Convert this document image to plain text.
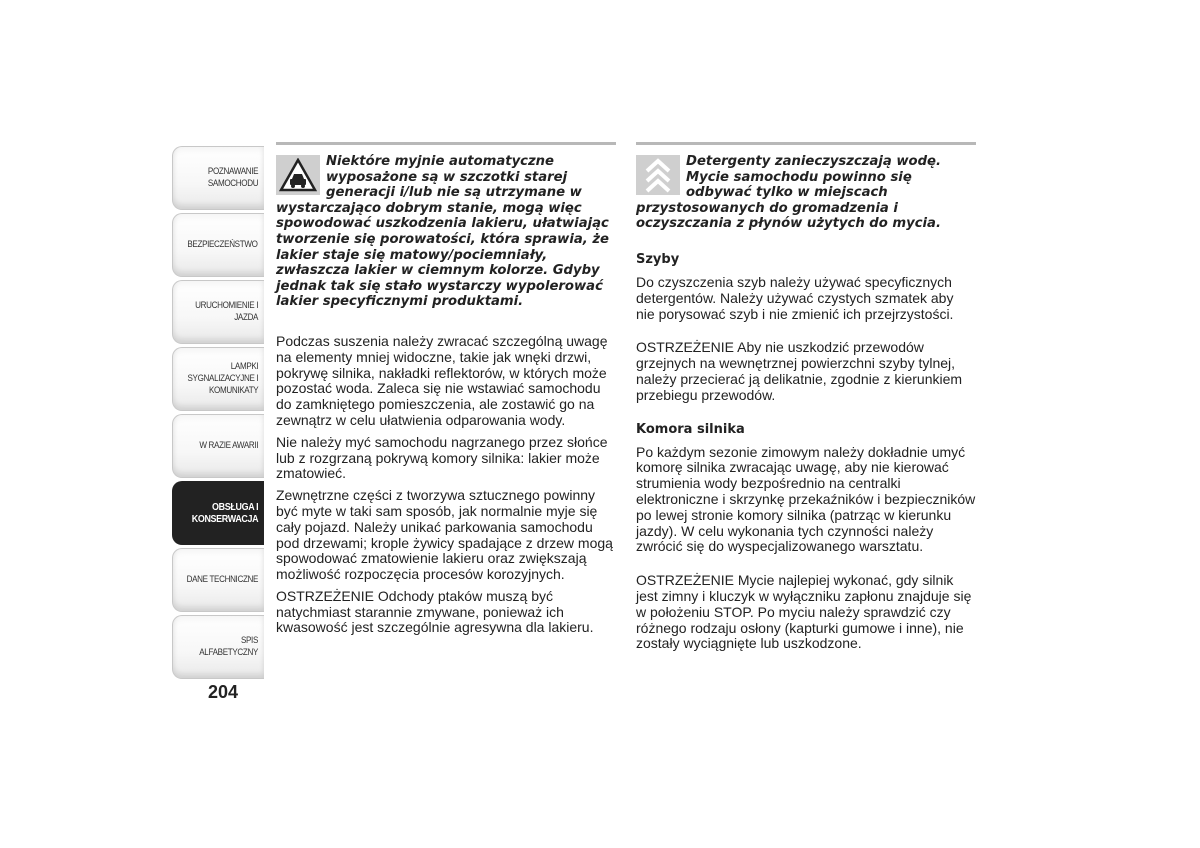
POZNAWANIE
SAMOCHODU
BEZPIECZEŃSTWO
URUCHOMIENIE I
JAZDA
LAMPKI
SYGNALIZACYJNE I
KOMUNIKATY
W RAZIE AWARII
OBSŁUGA I
KONSERWACJA
DANE TECHNICZNE
SPIS ALFABETYCZNY
204
Niektóre myjnie automatyczne wyposażone są w szczotki starej generacji i/lub nie są utrzymane w wystarczająco dobrym stanie, mogą więc spowodować uszkodzenia lakieru, ułatwiając tworzenie się porowatości, która sprawia, że lakier staje się matowy/pociemniały, zwłaszcza lakier w ciemnym kolorze. Gdyby jednak tak się stało wystarczy wypolerować lakier specyficznymi produktami.

Podczas suszenia należy zwracać szczególną uwagę na elementy mniej widoczne, takie jak wnęki drzwi, pokrywę silnika, nakładki reflektorów, w których może pozostać woda. Zaleca się nie wstawiać samochodu do zamkniętego pomieszczenia, ale zostawić go na zewnątrz w celu ułatwienia odparowania wody.

Nie należy myć samochodu nagrzanego przez słońce lub z rozgrzaną pokrywą komory silnika: lakier może zmatowieć.

Zewnętrzne części z tworzywa sztucznego powinny być myte w taki sam sposób, jak normalnie myje się cały pojazd. Należy unikać parkowania samochodu pod drzewami; krople żywicy spadające z drzew mogą spowodować zmatowienie lakieru oraz zwiększają możliwość rozpoczęcia procesów korozyjnych.

OSTRZEŻENIE Odchody ptaków muszą być natychmiast starannie zmywane, ponieważ ich kwasowość jest szczególnie agresywna dla lakieru.

Detergenty zanieczyszczają wodę. Mycie samochodu powinno się odbywać tylko w miejscach przystosowanych do gromadzenia i oczyszczania z płynów użytych do mycia.
Szyby

Do czyszczenia szyb należy używać specyficznych detergentów. Należy używać czystych szmatek aby nie porysować szyb i nie zmienić ich przejrzystości.

OSTRZEŻENIE Aby nie uszkodzić przewodów grzejnych na wewnętrznej powierzchni szyby tylnej, należy przecierać ją delikatnie, zgodnie z kierunkiem przebiegu przewodów.

Komora silnika

Po każdym sezonie zimowym należy dokładnie umyć komorę silnika zwracając uwagę, aby nie kierować strumienia wody bezpośrednio na centralki elektroniczne i skrzynkę przekaźników i bezpieczników po lewej stronie komory silnika (patrząc w kierunku jazdy). W celu wykonania tych czynności należy zwrócić się do wyspecjalizowanego warsztatu.

OSTRZEŻENIE Mycie najlepiej wykonać, gdy silnik jest zimny i kluczyk w wyłączniku zapłonu znajduje się w położeniu STOP. Po myciu należy sprawdzić czy różnego rodzaju osłony (kapturki gumowe i inne), nie zostały wyciągnięte lub uszkodzone.
